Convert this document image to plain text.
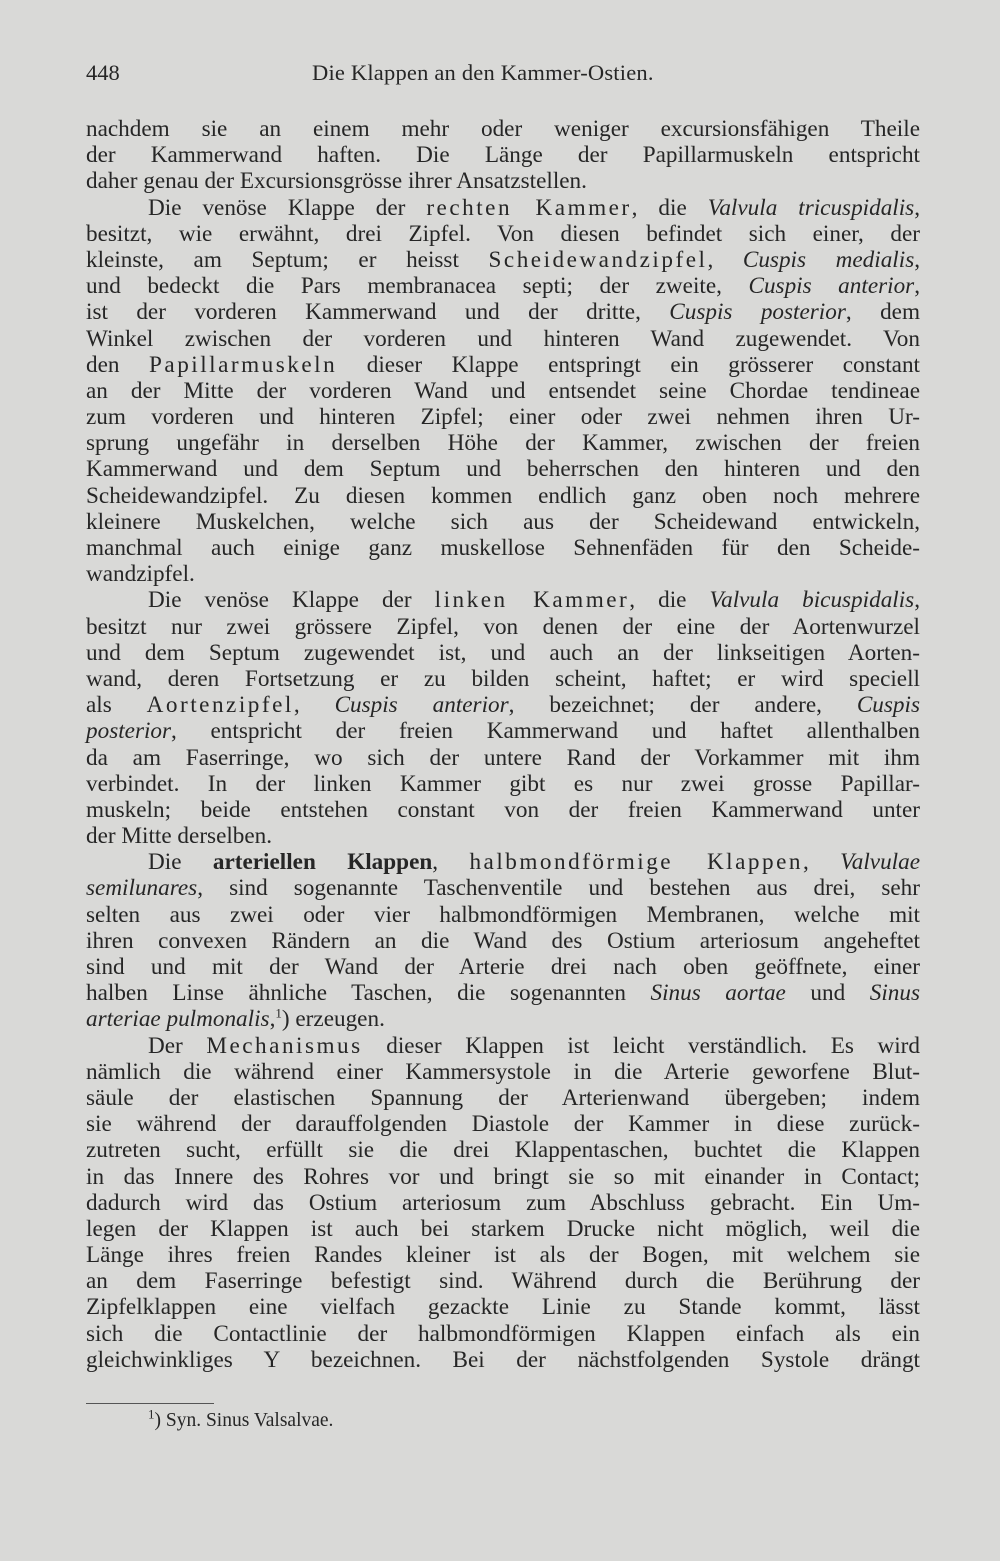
448	Die Klappen an den Kammer-Ostien.
nachdem sie an einem mehr oder weniger excursionsfähigen Theile
der Kammerwand haften. Die Länge der Papillarmuskeln entspricht
daher genau der Excursionsgrösse ihrer Ansatzstellen.
Die venöse Klappe der rechten Kammer, die Valvula tricuspidalis,
besitzt, wie erwähnt, drei Zipfel. Von diesen befindet sich einer, der
kleinste, am Septum; er heisst Scheidewandzipfel, Cuspis medialis,
und bedeckt die Pars membranacea septi; der zweite, Cuspis anterior,
ist der vorderen Kammerwand und der dritte, Cuspis posterior, dem
Winkel zwischen der vorderen und hinteren Wand zugewendet. Von
den Papillarmuskeln dieser Klappe entspringt ein grösserer constant
an der Mitte der vorderen Wand und entsendet seine Chordae tendineae
zum vorderen und hinteren Zipfel; einer oder zwei nehmen ihren Ur-
sprung ungefähr in derselben Höhe der Kammer, zwischen der freien
Kammerwand und dem Septum und beherrschen den hinteren und den
Scheidewandzipfel. Zu diesen kommen endlich ganz oben noch mehrere
kleinere Muskelchen, welche sich aus der Scheidewand entwickeln,
manchmal auch einige ganz muskellose Sehnenfäden für den Scheide-
wandzipfel.
Die venöse Klappe der linken Kammer, die Valvula bicuspidalis,
besitzt nur zwei grössere Zipfel, von denen der eine der Aortenwurzel
und dem Septum zugewendet ist, und auch an der linkseitigen Aorten-
wand, deren Fortsetzung er zu bilden scheint, haftet; er wird speciell
als Aortenzipfel, Cuspis anterior, bezeichnet; der andere, Cuspis
posterior, entspricht der freien Kammerwand und haftet allenthalben
da am Faserringe, wo sich der untere Rand der Vorkammer mit ihm
verbindet. In der linken Kammer gibt es nur zwei grosse Papillar-
muskeln; beide entstehen constant von der freien Kammerwand unter
der Mitte derselben.
Die arteriellen Klappen, halbmondförmige Klappen, Valvulae
semilunares, sind sogenannte Taschenventile und bestehen aus drei, sehr
selten aus zwei oder vier halbmondförmigen Membranen, welche mit
ihren convexen Rändern an die Wand des Ostium arteriosum angeheftet
sind und mit der Wand der Arterie drei nach oben geöffnete, einer
halben Linse ähnliche Taschen, die sogenannten Sinus aortae und Sinus
arteriae pulmonalis,$^1$) erzeugen.
Der Mechanismus dieser Klappen ist leicht verständlich. Es wird
nämlich die während einer Kammersystole in die Arterie geworfene Blut-
säule der elastischen Spannung der Arterienwand übergeben; indem
sie während der darauffolgenden Diastole der Kammer in diese zurück-
zutreten sucht, erfüllt sie die drei Klappentaschen, buchtet die Klappen
in das Innere des Rohres vor und bringt sie so mit einander in Contact;
dadurch wird das Ostium arteriosum zum Abschluss gebracht. Ein Um-
legen der Klappen ist auch bei starkem Drucke nicht möglich, weil die
Länge ihres freien Randes kleiner ist als der Bogen, mit welchem sie
an dem Faserringe befestigt sind. Während durch die Berührung der
Zipfelklappen eine vielfach gezackte Linie zu Stande kommt, lässt
sich die Contactlinie der halbmondförmigen Klappen einfach als ein
gleichwinkliges Y bezeichnen. Bei der nächstfolgenden Systole drängt
$^1$) Syn. Sinus Valsalvae.
